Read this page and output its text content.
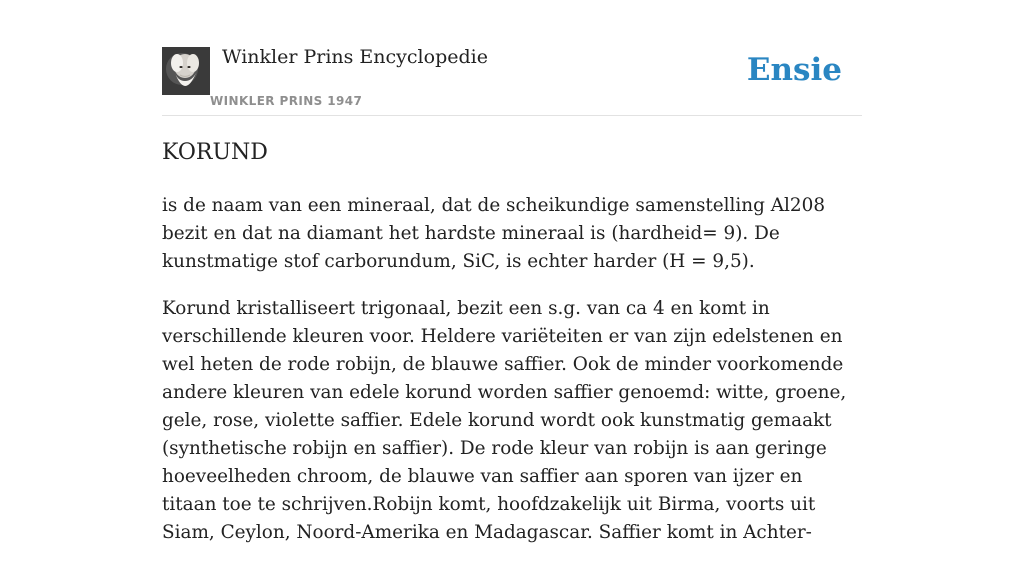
Winkler Prins Encyclopedie
WINKLER PRINS 1947
Ensie
KORUND

is de naam van een mineraal, dat de scheikundige samenstelling Al208 bezit en dat na diamant het hardste mineraal is (hardheid= 9). De kunstmatige stof carborundum, SiC, is echter harder (H = 9,5).

Korund kristalliseert trigonaal, bezit een s.g. van ca 4 en komt in verschillende kleuren voor. Heldere variëteiten er van zijn edelstenen en wel heten de rode robijn, de blauwe saffier. Ook de minder voorkomende andere kleuren van edele korund worden saffier genoemd: witte, groene, gele, rose, violette saffier. Edele korund wordt ook kunstmatig gemaakt (synthetische robijn en saffier). De rode kleur van robijn is aan geringe hoeveelheden chroom, de blauwe van saffier aan sporen van ijzer en titaan toe te schrijven.Robijn komt, hoofdzakelijk uit Birma, voorts uit Siam, Ceylon, Noord-Amerika en Madagascar. Saffier komt in Achter-
